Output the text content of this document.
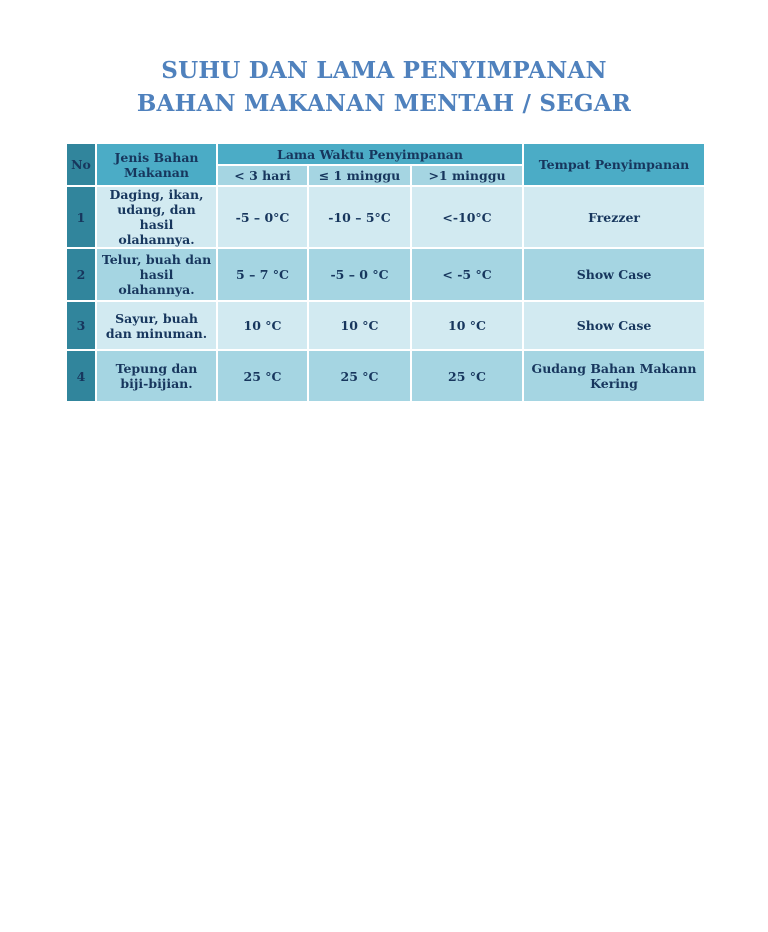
SUHU DAN LAMA PENYIMPANAN
BAHAN MAKANAN MENTAH / SEGAR
No	Jenis Bahan Makanan	Lama Waktu Penyimpanan			Tempat Penyimpanan
		< 3 hari	≤ 1 minggu	>1 minggu	
1	Daging, ikan, udang, dan hasil olahannya.	-5 – 0°C	-10 – 5°C	<-10°C	Frezzer
2	Telur, buah dan hasil olahannya.	5 – 7 °C	-5 – 0 °C	< -5 °C	Show Case
3	Sayur, buah dan minuman.	10 °C	10 °C	10 °C	Show Case
4	Tepung dan biji-bijian.	25 °C	25 °C	25 °C	Gudang Bahan Makann Kering
